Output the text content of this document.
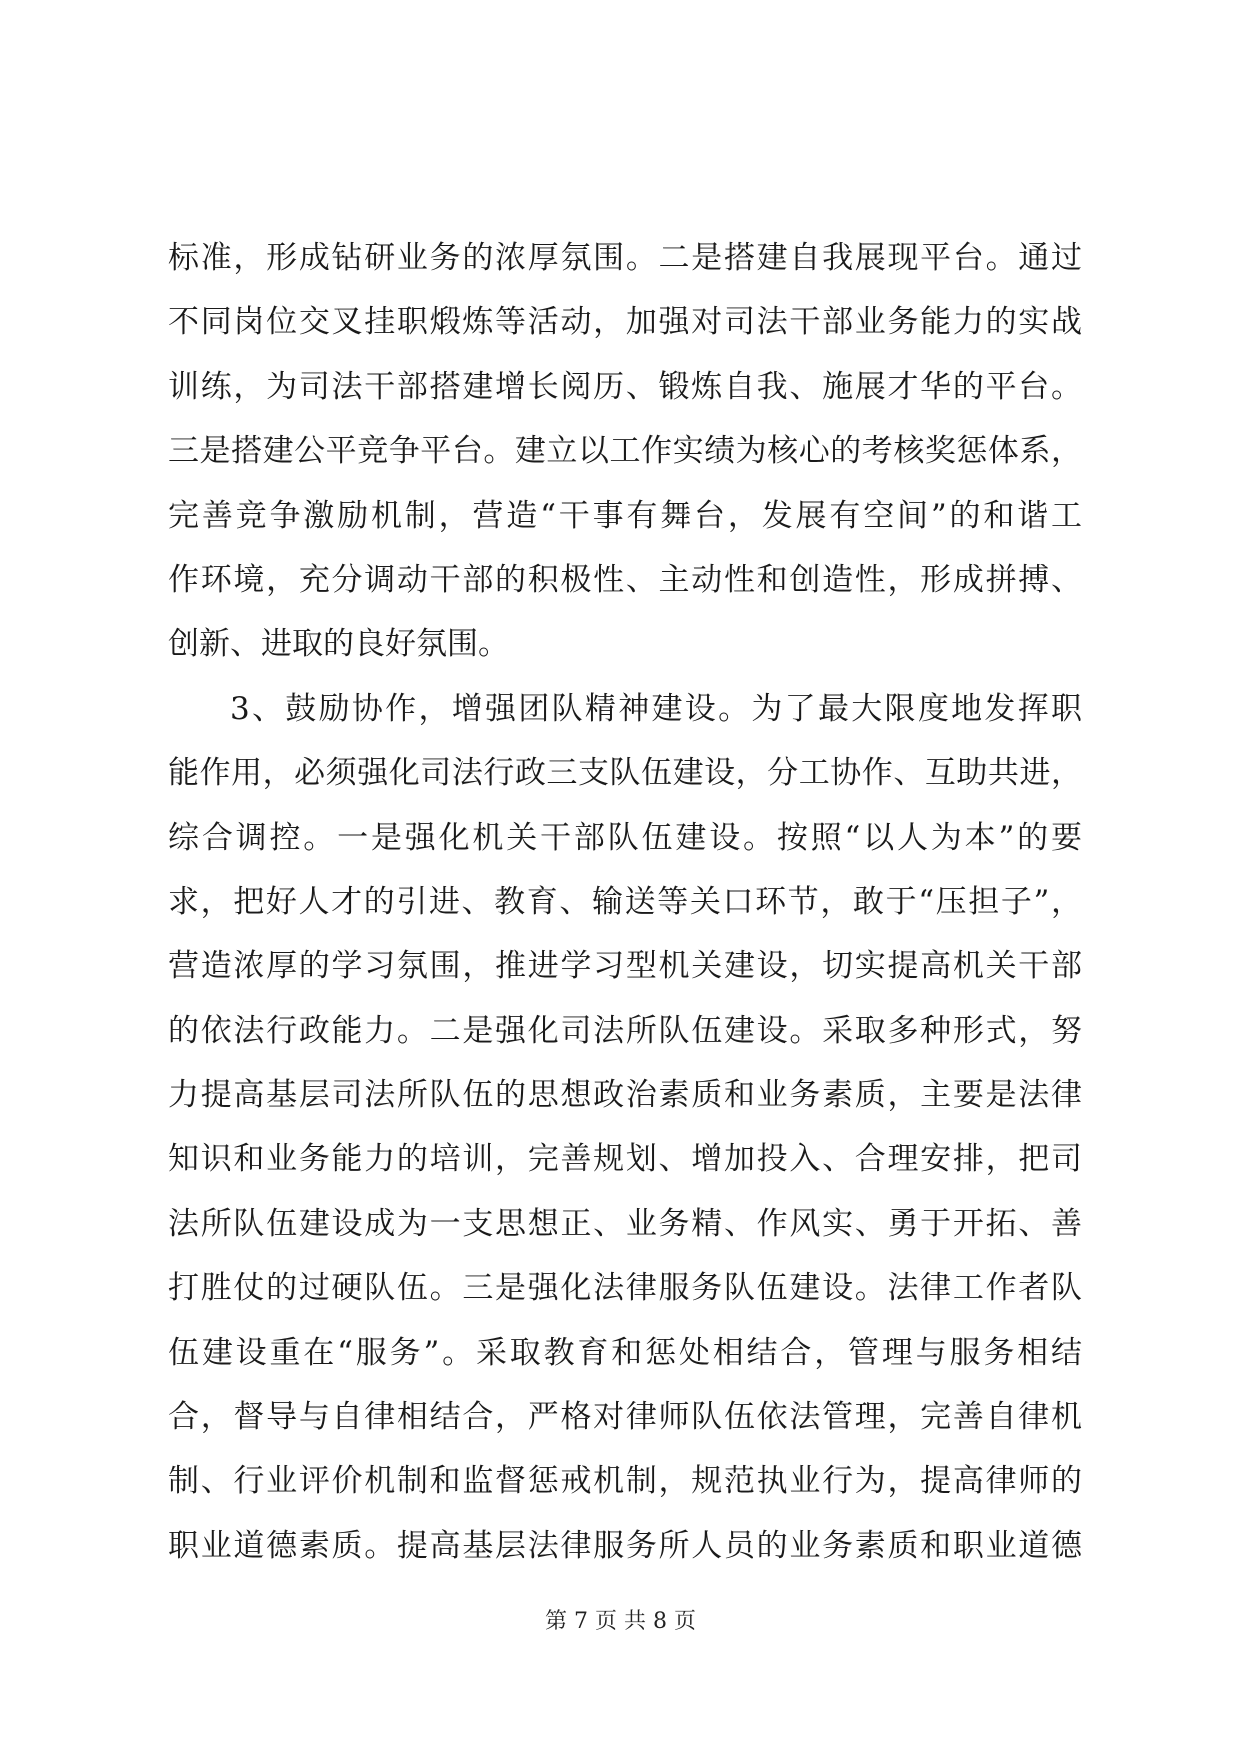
标准，形成钻研业务的浓厚氛围。二是搭建自我展现平台。通过
不同岗位交叉挂职煅炼等活动，加强对司法干部业务能力的实战
训练，为司法干部搭建增长阅历、锻炼自我、施展才华的平台。
三是搭建公平竞争平台。建立以工作实绩为核心的考核奖惩体系，
完善竞争激励机制，营造“干事有舞台，发展有空间”的和谐工
作环境，充分调动干部的积极性、主动性和创造性，形成拼搏、
创新、进取的良好氛围。
3、鼓励协作，增强团队精神建设。为了最大限度地发挥职
能作用，必须强化司法行政三支队伍建设，分工协作、互助共进，
综合调控。一是强化机关干部队伍建设。按照“以人为本”的要
求，把好人才的引进、教育、输送等关口环节，敢于“压担子”，
营造浓厚的学习氛围，推进学习型机关建设，切实提高机关干部
的依法行政能力。二是强化司法所队伍建设。采取多种形式，努
力提高基层司法所队伍的思想政治素质和业务素质，主要是法律
知识和业务能力的培训，完善规划、增加投入、合理安排，把司
法所队伍建设成为一支思想正、业务精、作风实、勇于开拓、善
打胜仗的过硬队伍。三是强化法律服务队伍建设。法律工作者队
伍建设重在“服务”。采取教育和惩处相结合，管理与服务相结
合，督导与自律相结合，严格对律师队伍依法管理，完善自律机
制、行业评价机制和监督惩戒机制，规范执业行为，提高律师的
职业道德素质。提高基层法律服务所人员的业务素质和职业道德
第 7 页 共 8 页
